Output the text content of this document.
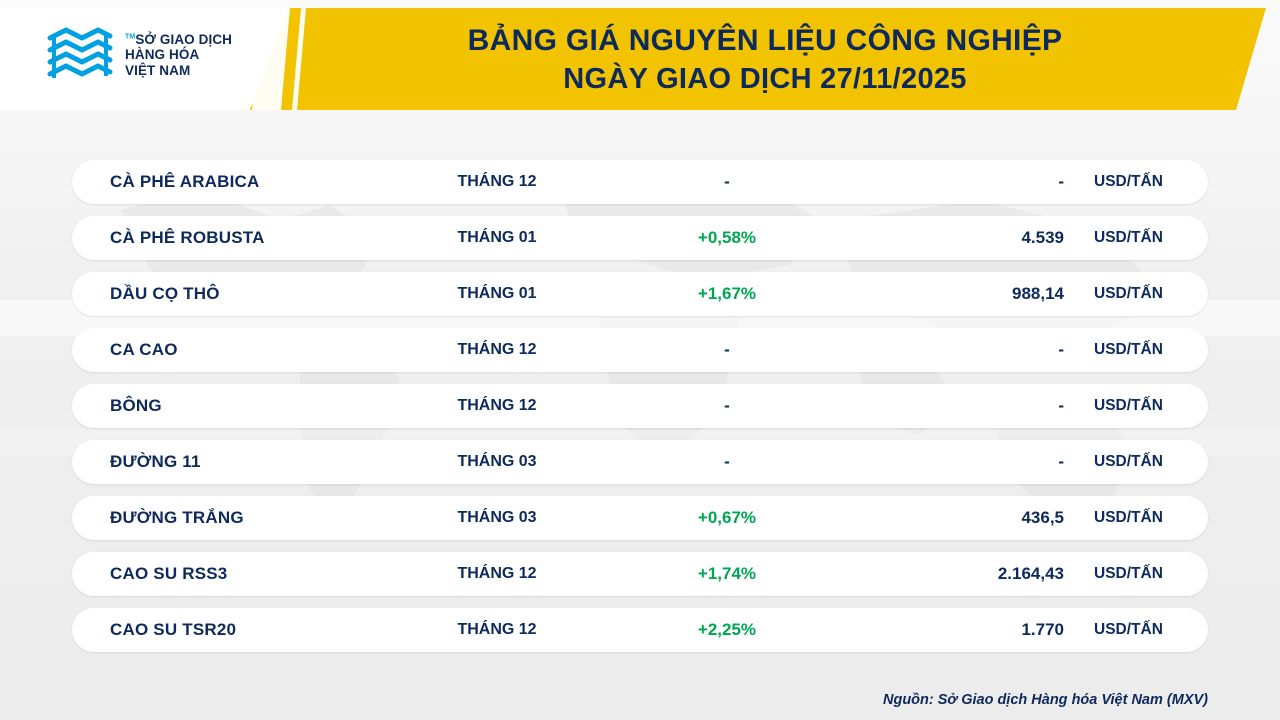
™SỞ GIAO DỊCH
HÀNG HÓA
VIỆT NAM
BẢNG GIÁ NGUYÊN LIỆU CÔNG NGHIỆP
NGÀY GIAO DỊCH 27/11/2025
CÀ PHÊ ARABICA	THÁNG 12	-	-	USD/TẤN
CÀ PHÊ ROBUSTA	THÁNG 01	+0,58%	4.539	USD/TẤN
DẦU CỌ THÔ	THÁNG 01	+1,67%	988,14	USD/TẤN
CA CAO	THÁNG 12	-	-	USD/TẤN
BÔNG	THÁNG 12	-	-	USD/TẤN
ĐƯỜNG 11	THÁNG 03	-	-	USD/TẤN
ĐƯỜNG TRẮNG	THÁNG 03	+0,67%	436,5	USD/TẤN
CAO SU RSS3	THÁNG 12	+1,74%	2.164,43	USD/TẤN
CAO SU TSR20	THÁNG 12	+2,25%	1.770	USD/TẤN
Nguồn: Sở Giao dịch Hàng hóa Việt Nam (MXV)
